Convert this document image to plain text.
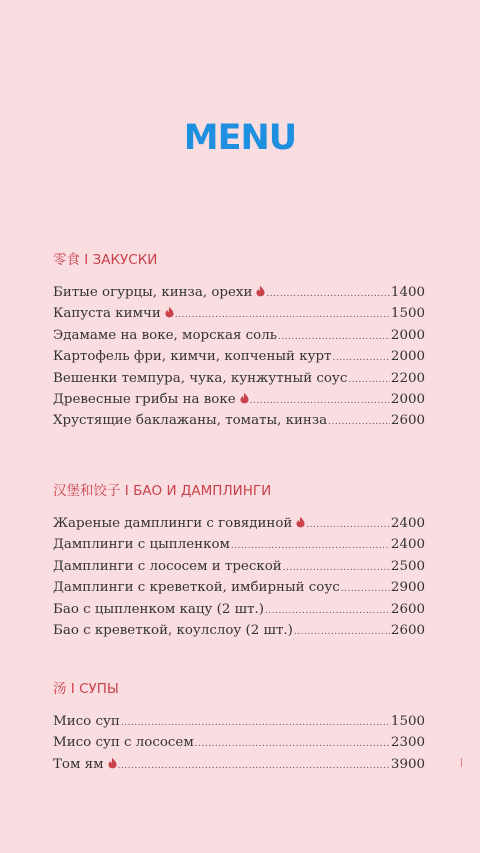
MENU
零食 I ЗАКУСКИ
Битые огурцы, кинза, орехи .....	1400
Капуста кимчи .....	1500
Эдамаме на воке, морская соль .....	2000
Картофель фри, кимчи, копченый курт .....	2000
Вешенки темпура, чука, кунжутный соус .....	2200
Древесные грибы на воке .....	2000
Хрустящие баклажаны, томаты, кинза .....	2600
汉堡和饺子 I БАО И ДАМПЛИНГИ
Жареные дамплинги с говядиной .....	2400
Дамплинги с цыпленком .....	2400
Дамплинги с лососем и треской .....	2500
Дамплинги с креветкой, имбирный соус .....	2900
Бао с цыпленком кацу (2 шт.) .....	2600
Бао с креветкой, коулслоу (2 шт.) .....	2600
汤 I СУПЫ
Мисо суп .....	1500
Мисо суп с лососем .....	2300
Том ям .....	3900
